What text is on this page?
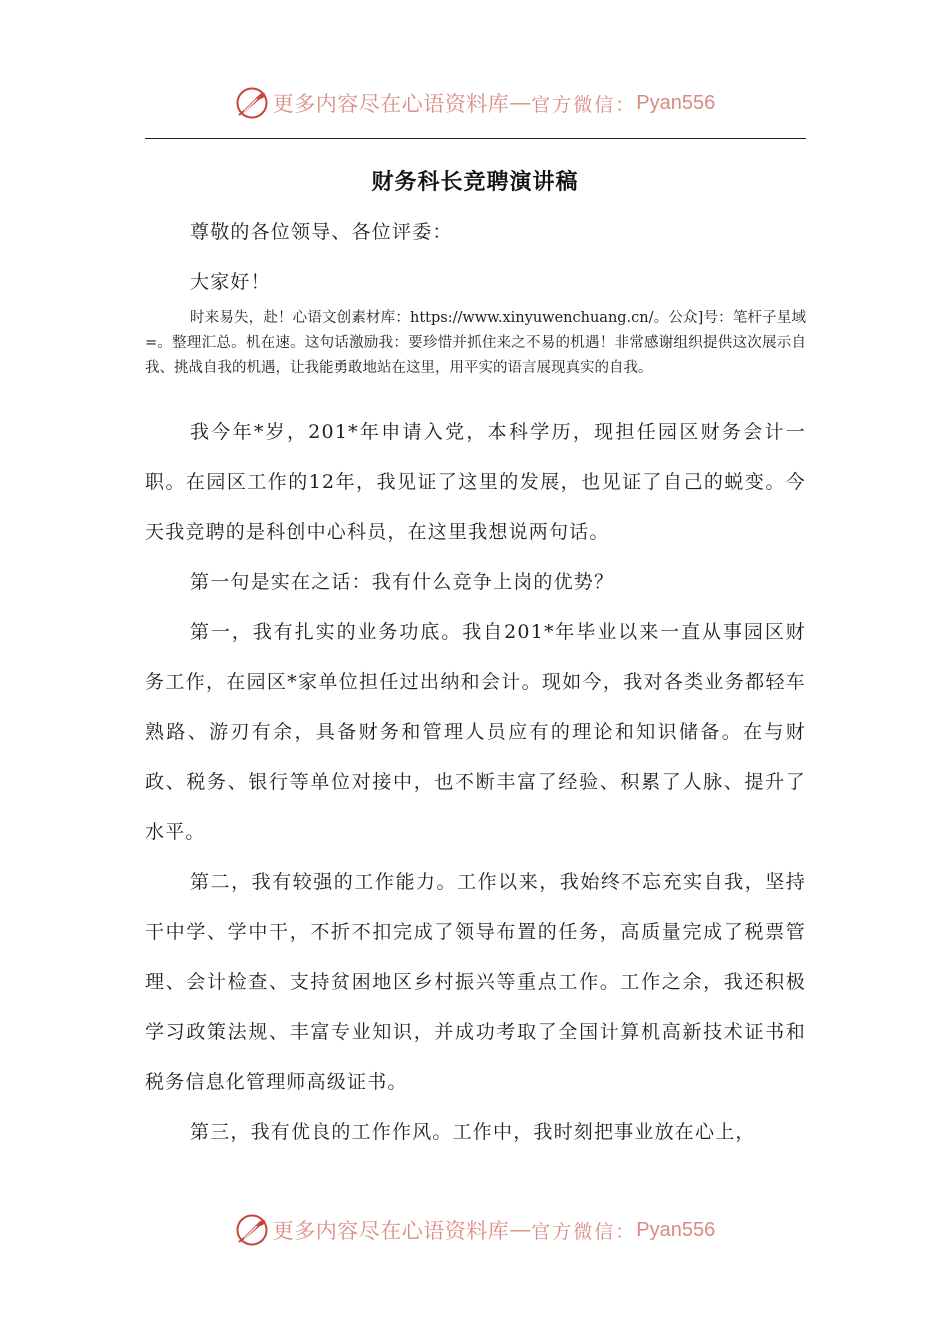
更多内容尽在心语资料库 — 官方微信： Pyan556
财务科长竞聘演讲稿

尊敬的各位领导、各位评委：

大家好！

时来易失，赴！心语文创素材库：https://www.xinyuwenchuang.cn/。公众]号：笔杆子星域=。整理汇总。机在速。这句话激励我：要珍惜并抓住来之不易的机遇！非常感谢组织提供这次展示自我、挑战自我的机遇，让我能勇敢地站在这里，用平实的语言展现真实的自我。

我今年*岁，201*年申请入党，本科学历，现担任园区财务会计一职。在园区工作的12年，我见证了这里的发展，也见证了自己的蜕变。今天我竞聘的是科创中心科员，在这里我想说两句话。

第一句是实在之话：我有什么竞争上岗的优势？

第一，我有扎实的业务功底。我自201*年毕业以来一直从事园区财务工作，在园区*家单位担任过出纳和会计。现如今，我对各类业务都轻车熟路、游刃有余，具备财务和管理人员应有的理论和知识储备。在与财政、税务、银行等单位对接中，也不断丰富了经验、积累了人脉、提升了水平。

第二，我有较强的工作能力。工作以来，我始终不忘充实自我，坚持干中学、学中干，不折不扣完成了领导布置的任务，高质量完成了税票管理、会计检查、支持贫困地区乡村振兴等重点工作。工作之余，我还积极学习政策法规、丰富专业知识，并成功考取了全国计算机高新技术证书和税务信息化管理师高级证书。

第三，我有优良的工作作风。工作中，我时刻把事业放在心上，

更多内容尽在心语资料库 — 官方微信： Pyan556
